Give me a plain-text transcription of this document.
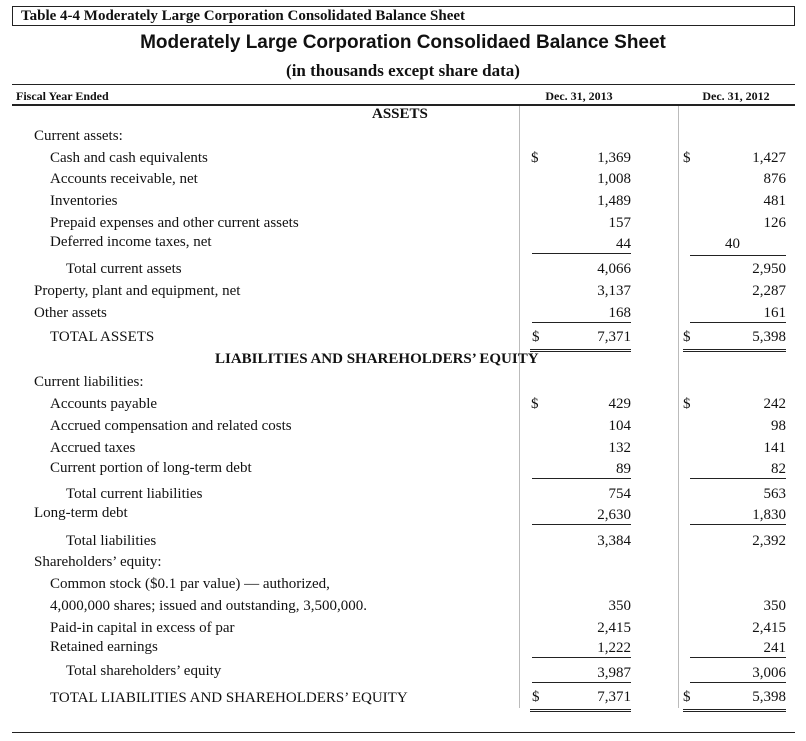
Table 4-4 Moderately Large Corporation Consolidated Balance Sheet
Moderately Large Corporation Consolidaed Balance Sheet
(in thousands except share data)
Fiscal Year Ended	Dec. 31, 2013	Dec. 31, 2012
ASSETS
Current assets:
Cash and cash equivalents	$	1,369	$	1,427
Accounts receivable, net	1,008	876
Inventories	1,489	481
Prepaid expenses and other current assets	157	126
Deferred income taxes, net	44	40
Total current assets	4,066	2,950
Property, plant and equipment, net	3,137	2,287
Other assets	168	161
TOTAL ASSETS	$	7,371	$	5,398
LIABILITIES AND SHAREHOLDERS’ EQUITY
Current liabilities:
Accounts payable	$	429	$	242
Accrued compensation and related costs	104	98
Accrued taxes	132	141
Current portion of long-term debt	89	82
Total current liabilities	754	563
Long-term debt	2,630	1,830
Total liabilities	3,384	2,392
Shareholders’ equity:
Common stock ($0.1 par value) — authorized,
4,000,000 shares; issued and outstanding, 3,500,000.	350	350
Paid-in capital in excess of par	2,415	2,415
Retained earnings	1,222	241
Total shareholders’ equity	3,987	3,006
TOTAL LIABILITIES AND SHAREHOLDERS’ EQUITY	$	7,371	$	5,398
